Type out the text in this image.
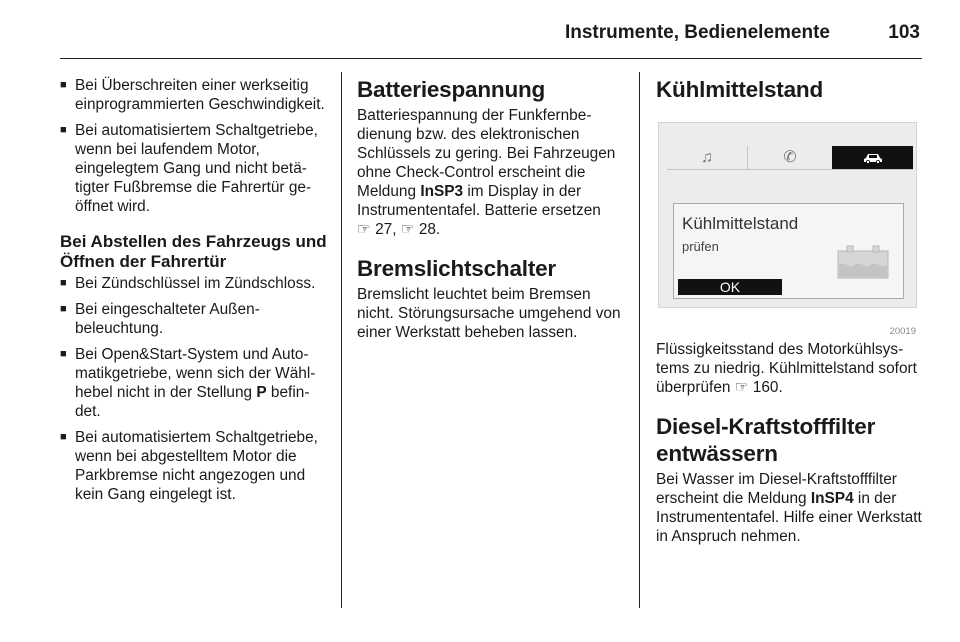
Instrumente, Bedienelemente	103
■ Bei Überschreiten einer werkseitig einprogrammierten Geschwindigkeit.
■ Bei automatisiertem Schaltgetriebe, wenn bei laufendem Motor, eingelegtem Gang und nicht betätigter Fußbremse die Fahrertür geöffnet wird.
Bei Abstellen des Fahrzeugs und Öffnen der Fahrertür
■ Bei Zündschlüssel im Zündschloss.
■ Bei eingeschalteter Außenbeleuchtung.
■ Bei Open&Start-System und Automatikgetriebe, wenn sich der Wählhebel nicht in der Stellung P befindet.
■ Bei automatisiertem Schaltgetriebe, wenn bei abgestelltem Motor die Parkbremse nicht angezogen und kein Gang eingelegt ist.
Batteriespannung

Batteriespannung der Funkfernbedienung bzw. des elektronischen Schlüssels zu gering. Bei Fahrzeugen ohne Check-Control erscheint die Meldung InSP3 im Display in der Instrumententafel. Batterie ersetzen
☞ 27, ☞ 28.

Bremslichtschalter

Bremslicht leuchtet beim Bremsen nicht. Störungsursache umgehend von einer Werkstatt beheben lassen.

Kühlmittelstand
♫	✆
Kühlmittelstand
prüfen
OK
20019

Flüssigkeitsstand des Motorkühlsystems zu niedrig. Kühlmittelstand sofort überprüfen ☞ 160.

Diesel-Kraftstofffilter entwässern

Bei Wasser im Diesel-Kraftstofffilter erscheint die Meldung InSP4 in der Instrumententafel. Hilfe einer Werkstatt in Anspruch nehmen.
